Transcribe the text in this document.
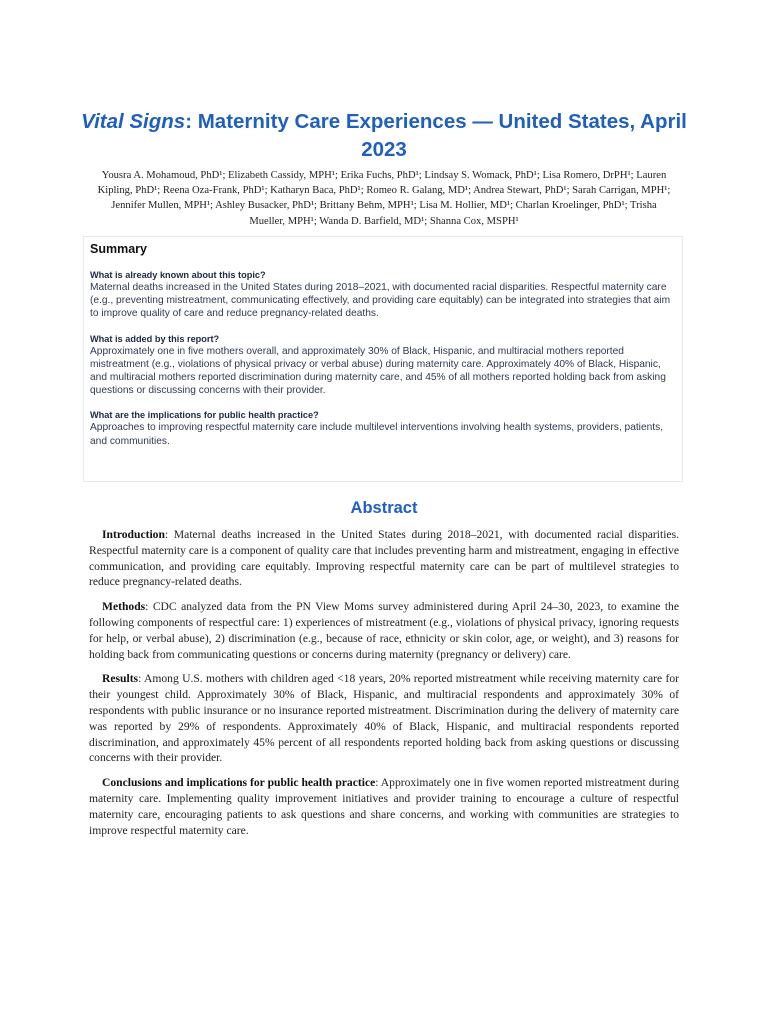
Vital Signs: Maternity Care Experiences — United States, April 2023
Yousra A. Mohamoud, PhD¹; Elizabeth Cassidy, MPH¹; Erika Fuchs, PhD¹; Lindsay S. Womack, PhD¹; Lisa Romero, DrPH¹; Lauren Kipling, PhD¹; Reena Oza-Frank, PhD¹; Katharyn Baca, PhD¹; Romeo R. Galang, MD¹; Andrea Stewart, PhD¹; Sarah Carrigan, MPH¹; Jennifer Mullen, MPH¹; Ashley Busacker, PhD¹; Brittany Behm, MPH¹; Lisa M. Hollier, MD¹; Charlan Kroelinger, PhD¹; Trisha Mueller, MPH¹; Wanda D. Barfield, MD¹; Shanna Cox, MSPH¹
Summary
What is already known about this topic?
Maternal deaths increased in the United States during 2018–2021, with documented racial disparities. Respectful maternity care (e.g., preventing mistreatment, communicating effectively, and providing care equitably) can be integrated into strategies that aim to improve quality of care and reduce pregnancy-related deaths.
What is added by this report?
Approximately one in five mothers overall, and approximately 30% of Black, Hispanic, and multiracial mothers reported mistreatment (e.g., violations of physical privacy or verbal abuse) during maternity care. Approximately 40% of Black, Hispanic, and multiracial mothers reported discrimination during maternity care, and 45% of all mothers reported holding back from asking questions or discussing concerns with their provider.
What are the implications for public health practice?
Approaches to improving respectful maternity care include multilevel interventions involving health systems, providers, patients, and communities.
Abstract

Introduction: Maternal deaths increased in the United States during 2018–2021, with documented racial disparities. Respectful maternity care is a component of quality care that includes preventing harm and mistreatment, engaging in effective communication, and providing care equitably. Improving respectful maternity care can be part of multilevel strategies to reduce pregnancy-related deaths.

Methods: CDC analyzed data from the PN View Moms survey administered during April 24–30, 2023, to examine the following components of respectful care: 1) experiences of mistreatment (e.g., violations of physical privacy, ignoring requests for help, or verbal abuse), 2) discrimination (e.g., because of race, ethnicity or skin color, age, or weight), and 3) reasons for holding back from communicating questions or concerns during maternity (pregnancy or delivery) care.

Results: Among U.S. mothers with children aged <18 years, 20% reported mistreatment while receiving maternity care for their youngest child. Approximately 30% of Black, Hispanic, and multiracial respondents and approximately 30% of respondents with public insurance or no insurance reported mistreatment. Discrimination during the delivery of maternity care was reported by 29% of respondents. Approximately 40% of Black, Hispanic, and multiracial respondents reported discrimination, and approximately 45% percent of all respondents reported holding back from asking questions or discussing concerns with their provider.

Conclusions and implications for public health practice: Approximately one in five women reported mistreatment during maternity care. Implementing quality improvement initiatives and provider training to encourage a culture of respectful maternity care, encouraging patients to ask questions and share concerns, and working with communities are strategies to improve respectful maternity care.
